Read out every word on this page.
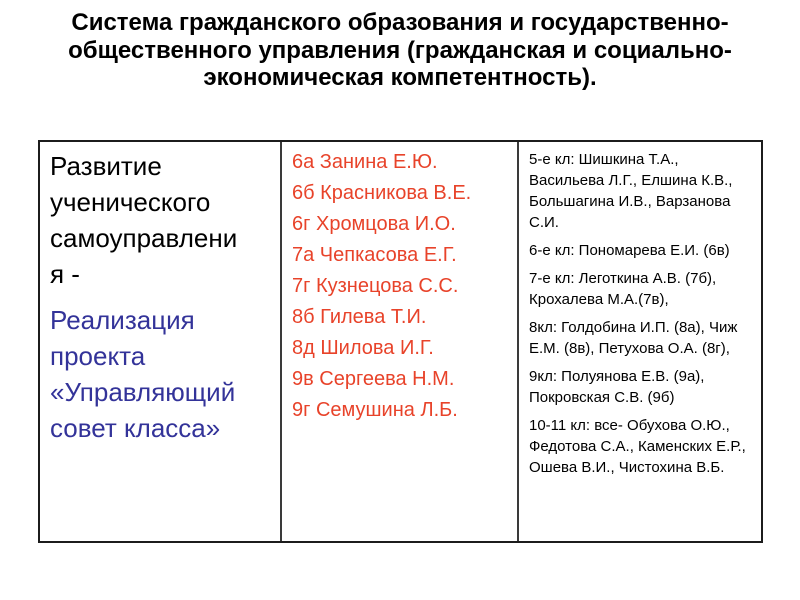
Система гражданского образования и государственно-общественного управления (гражданская и социально-экономическая компетентность).

Развитие ученического самоуправления -

Реализация проекта «Управляющий совет класса»

6а Занина Е.Ю.

6б Красникова В.Е.

6г Хромцова И.О.

7а Чепкасова Е.Г.

7г Кузнецова С.С.

8б Гилева Т.И.

8д Шилова И.Г.

9в Сергеева Н.М.

9г Семушина Л.Б.

5-е кл: Шишкина Т.А., Васильева Л.Г., Елшина К.В., Большагина И.В., Варзанова С.И.

6-е кл: Пономарева Е.И. (6в)

7-е кл: Леготкина А.В. (7б), Крохалева М.А.(7в),

8кл: Голдобина И.П. (8а), Чиж Е.М. (8в), Петухова О.А. (8г),

9кл: Полуянова Е.В. (9а), Покровская С.В. (9б)

10-11 кл: все- Обухова О.Ю., Федотова С.А., Каменских Е.Р., Ошева В.И., Чистохина В.Б.
